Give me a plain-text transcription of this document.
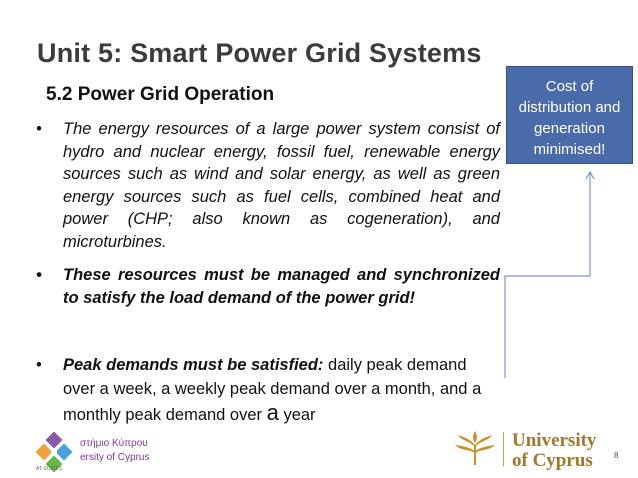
Unit 5: Smart Power Grid Systems
5.2 Power Grid Operation	Cost of
distribution and
generation
minimised!
• The energy resources of a large power system consist of hydro and nuclear energy, fossil fuel, renewable energy sources such as wind and solar energy, as well as green energy sources such as fuel cells, combined heat and power (CHP; also known as cogeneration), and microturbines.
• These resources must be managed and synchronized to satisfy the load demand of the power grid!
• Peak demands must be satisfied: daily peak demand over a week, a weekly peak demand over a month, and a monthly peak demand over a year
στήμιο Κύπρου
ersity of Cyprus
AT-SOIRES
University
of Cyprus	8
